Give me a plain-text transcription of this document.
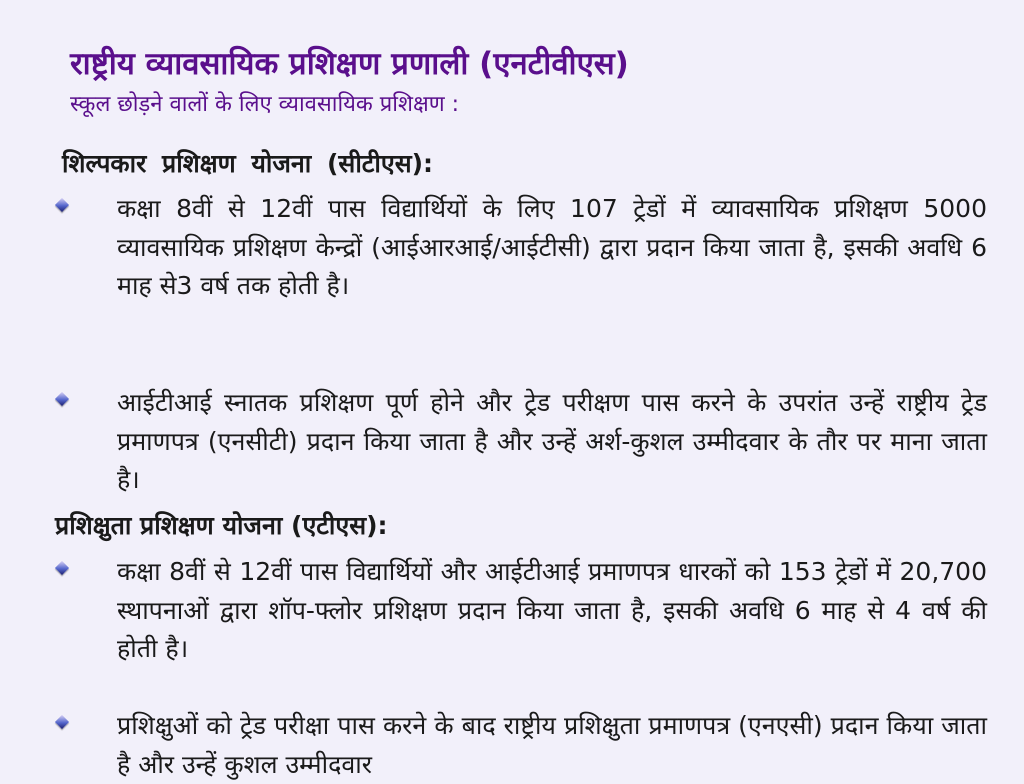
राष्ट्रीय व्यावसायिक प्रशिक्षण प्रणाली (एनटीवीएस)

स्कूल छोड़ने वालों के लिए व्यावसायिक प्रशिक्षण :

शिल्पकार प्रशिक्षण योजना (सीटीएस):

कक्षा 8वीं से 12वीं पास विद्यार्थियों के लिए 107 ट्रेडों में व्यावसायिक प्रशिक्षण 5000 व्यावसायिक प्रशिक्षण केन्द्रों (आईआरआई/आईटीसी) द्वारा प्रदान किया जाता है, इसकी अवधि 6 माह से3 वर्ष तक होती है।

आईटीआई स्नातक प्रशिक्षण पूर्ण होने और ट्रेड परीक्षण पास करने के उपरांत उन्हें राष्ट्रीय ट्रेड प्रमाणपत्र (एनसीटी) प्रदान किया जाता है और उन्हें अर्श-कुशल उम्मीदवार के तौर पर माना जाता है।

प्रशिक्षुता प्रशिक्षण योजना (एटीएस):

कक्षा 8वीं से 12वीं पास विद्यार्थियों और आईटीआई प्रमाणपत्र धारकों को 153 ट्रेडों में 20,700 स्थापनाओं द्वारा शॉप-फ्लोर प्रशिक्षण प्रदान किया जाता है, इसकी अवधि 6 माह से 4 वर्ष की होती है।

प्रशिक्षुओं को ट्रेड परीक्षा पास करने के बाद राष्ट्रीय प्रशिक्षुता प्रमाणपत्र (एनएसी) प्रदान किया जाता है और उन्हें कुशल उम्मीदवार
